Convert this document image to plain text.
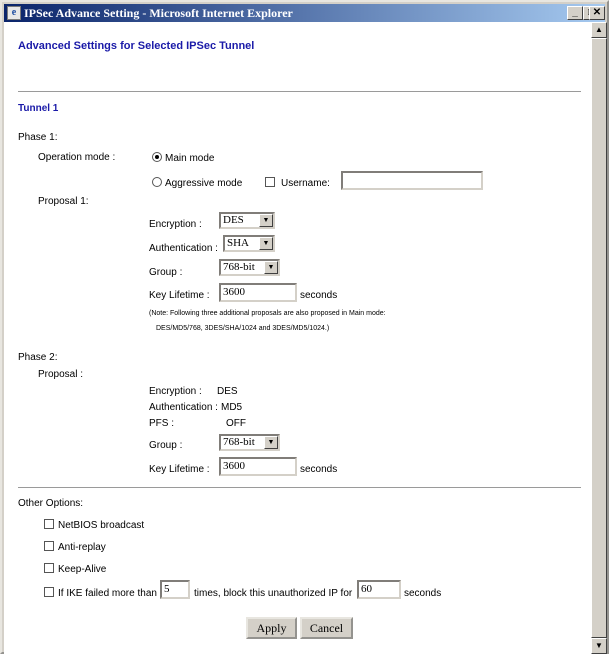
e IPSec Advance Setting - Microsoft Internet Explorer	_	✕
Advanced Settings for Selected IPSec Tunnel
Tunnel 1
Phase 1:
Operation mode :	Main mode
Aggressive mode	Username:
Proposal 1:
Encryption : DES	▼
Authentication : SHA	▼
Group :	768-bit	▼
Key Lifetime :	3600	seconds
(Note: Following three additional proposals are also proposed in Main mode:
DES/MD5/768, 3DES/SHA/1024 and 3DES/MD5/1024.)
Phase 2:
Proposal :
Encryption : DES
Authentication : MD5
PFS :	OFF
Group :	768-bit	▼
Key Lifetime :	3600	seconds
Other Options:
NetBIOS broadcast
Anti-replay
Keep-Alive
If IKE failed more than 5	times, block this unauthorized IP for 60	seconds
Apply	Cancel
▲
▼
